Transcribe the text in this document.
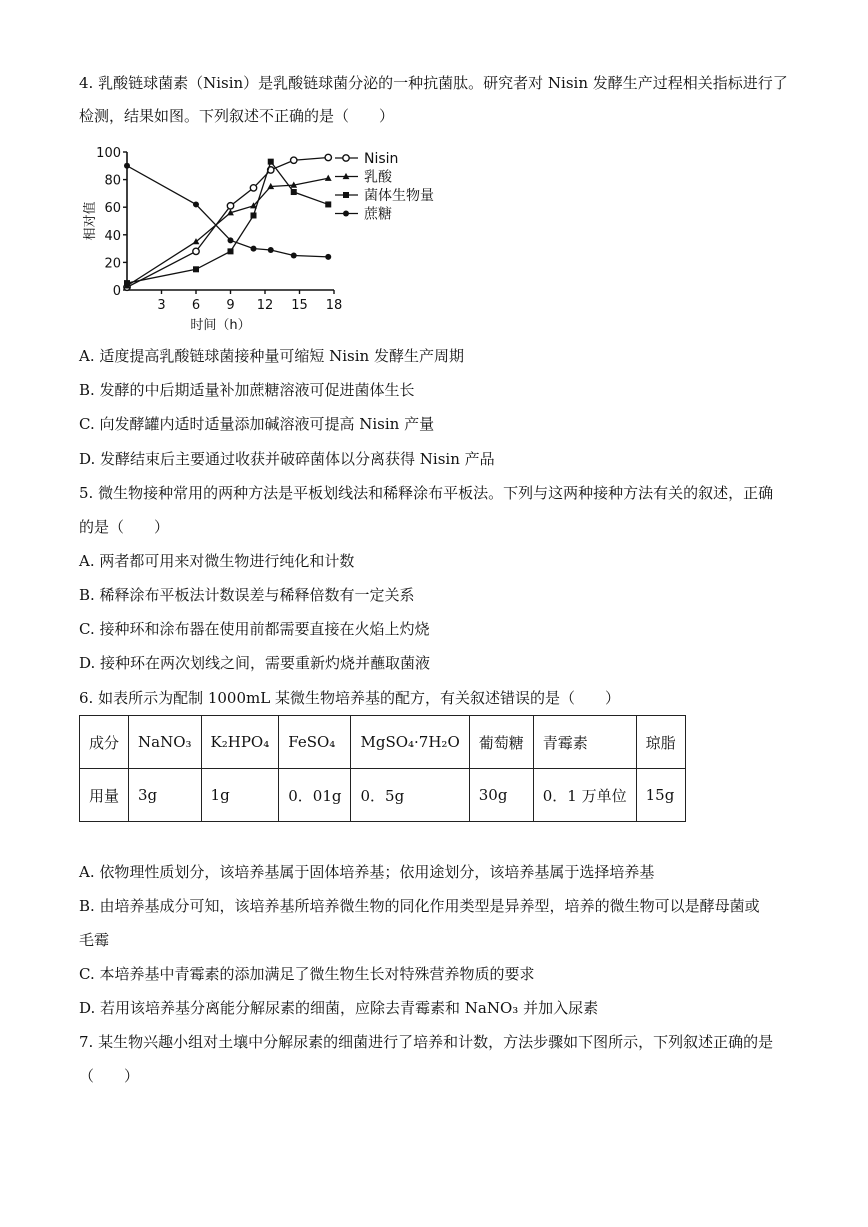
4. 乳酸链球菌素（Nisin）是乳酸链球菌分泌的一种抗菌肽。研究者对 Nisin 发酵生产过程相关指标进行了
检测，结果如图。下列叙述不正确的是（　　）
0
20
40
60
80
100
3 6 9 12 15 18
时间（h）
相对值
Nisin
乳酸
菌体生物量
蔗糖
A. 适度提高乳酸链球菌接种量可缩短 Nisin 发酵生产周期
B. 发酵的中后期适量补加蔗糖溶液可促进菌体生长
C. 向发酵罐内适时适量添加碱溶液可提高 Nisin 产量
D. 发酵结束后主要通过收获并破碎菌体以分离获得 Nisin 产品
5. 微生物接种常用的两种方法是平板划线法和稀释涂布平板法。下列与这两种接种方法有关的叙述，正确
的是（　　）
A. 两者都可用来对微生物进行纯化和计数
B. 稀释涂布平板法计数误差与稀释倍数有一定关系
C. 接种环和涂布器在使用前都需要直接在火焰上灼烧
D. 接种环在两次划线之间，需要重新灼烧并蘸取菌液
6. 如表所示为配制 1000mL 某微生物培养基的配方，有关叙述错误的是（　　）
成分	NaNO₃	K₂HPO₄	FeSO₄	MgSO₄·7H₂O	葡萄糖	青霉素	琼脂
用量	3g	1g	0．01g	0．5g	30g	0．1 万单位	15g
A. 依物理性质划分，该培养基属于固体培养基；依用途划分，该培养基属于选择培养基
B. 由培养基成分可知，该培养基所培养微生物的同化作用类型是异养型，培养的微生物可以是酵母菌或
毛霉
C. 本培养基中青霉素的添加满足了微生物生长对特殊营养物质的要求
D. 若用该培养基分离能分解尿素的细菌，应除去青霉素和 NaNO₃ 并加入尿素
7. 某生物兴趣小组对土壤中分解尿素的细菌进行了培养和计数，方法步骤如下图所示，下列叙述正确的是
（　　）
